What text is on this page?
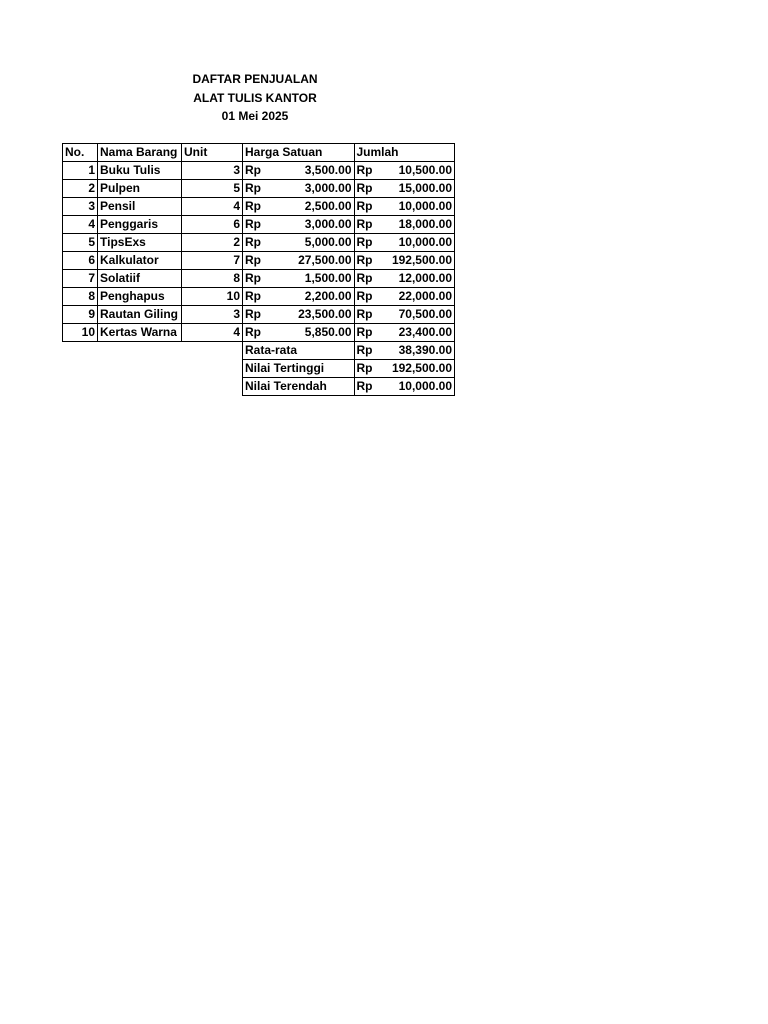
DAFTAR PENJUALAN
ALAT TULIS KANTOR
01 Mei 2025
No.	Nama Barang	Unit	Harga Satuan		Jumlah	
1	Buku Tulis	3	Rp	3,500.00	Rp	10,500.00
2	Pulpen	5	Rp	3,000.00	Rp	15,000.00
3	Pensil	4	Rp	2,500.00	Rp	10,000.00
4	Penggaris	6	Rp	3,000.00	Rp	18,000.00
5	TipsExs	2	Rp	5,000.00	Rp	10,000.00
6	Kalkulator	7	Rp	27,500.00	Rp	192,500.00
7	Solatiif	8	Rp	1,500.00	Rp	12,000.00
8	Penghapus	10	Rp	2,200.00	Rp	22,000.00
9	Rautan Giling	3	Rp	23,500.00	Rp	70,500.00
10	Kertas Warna	4	Rp	5,850.00	Rp	23,400.00
			Rata-rata		Rp	38,390.00
			Nilai Tertinggi		Rp	192,500.00
			Nilai Terendah		Rp	10,000.00
